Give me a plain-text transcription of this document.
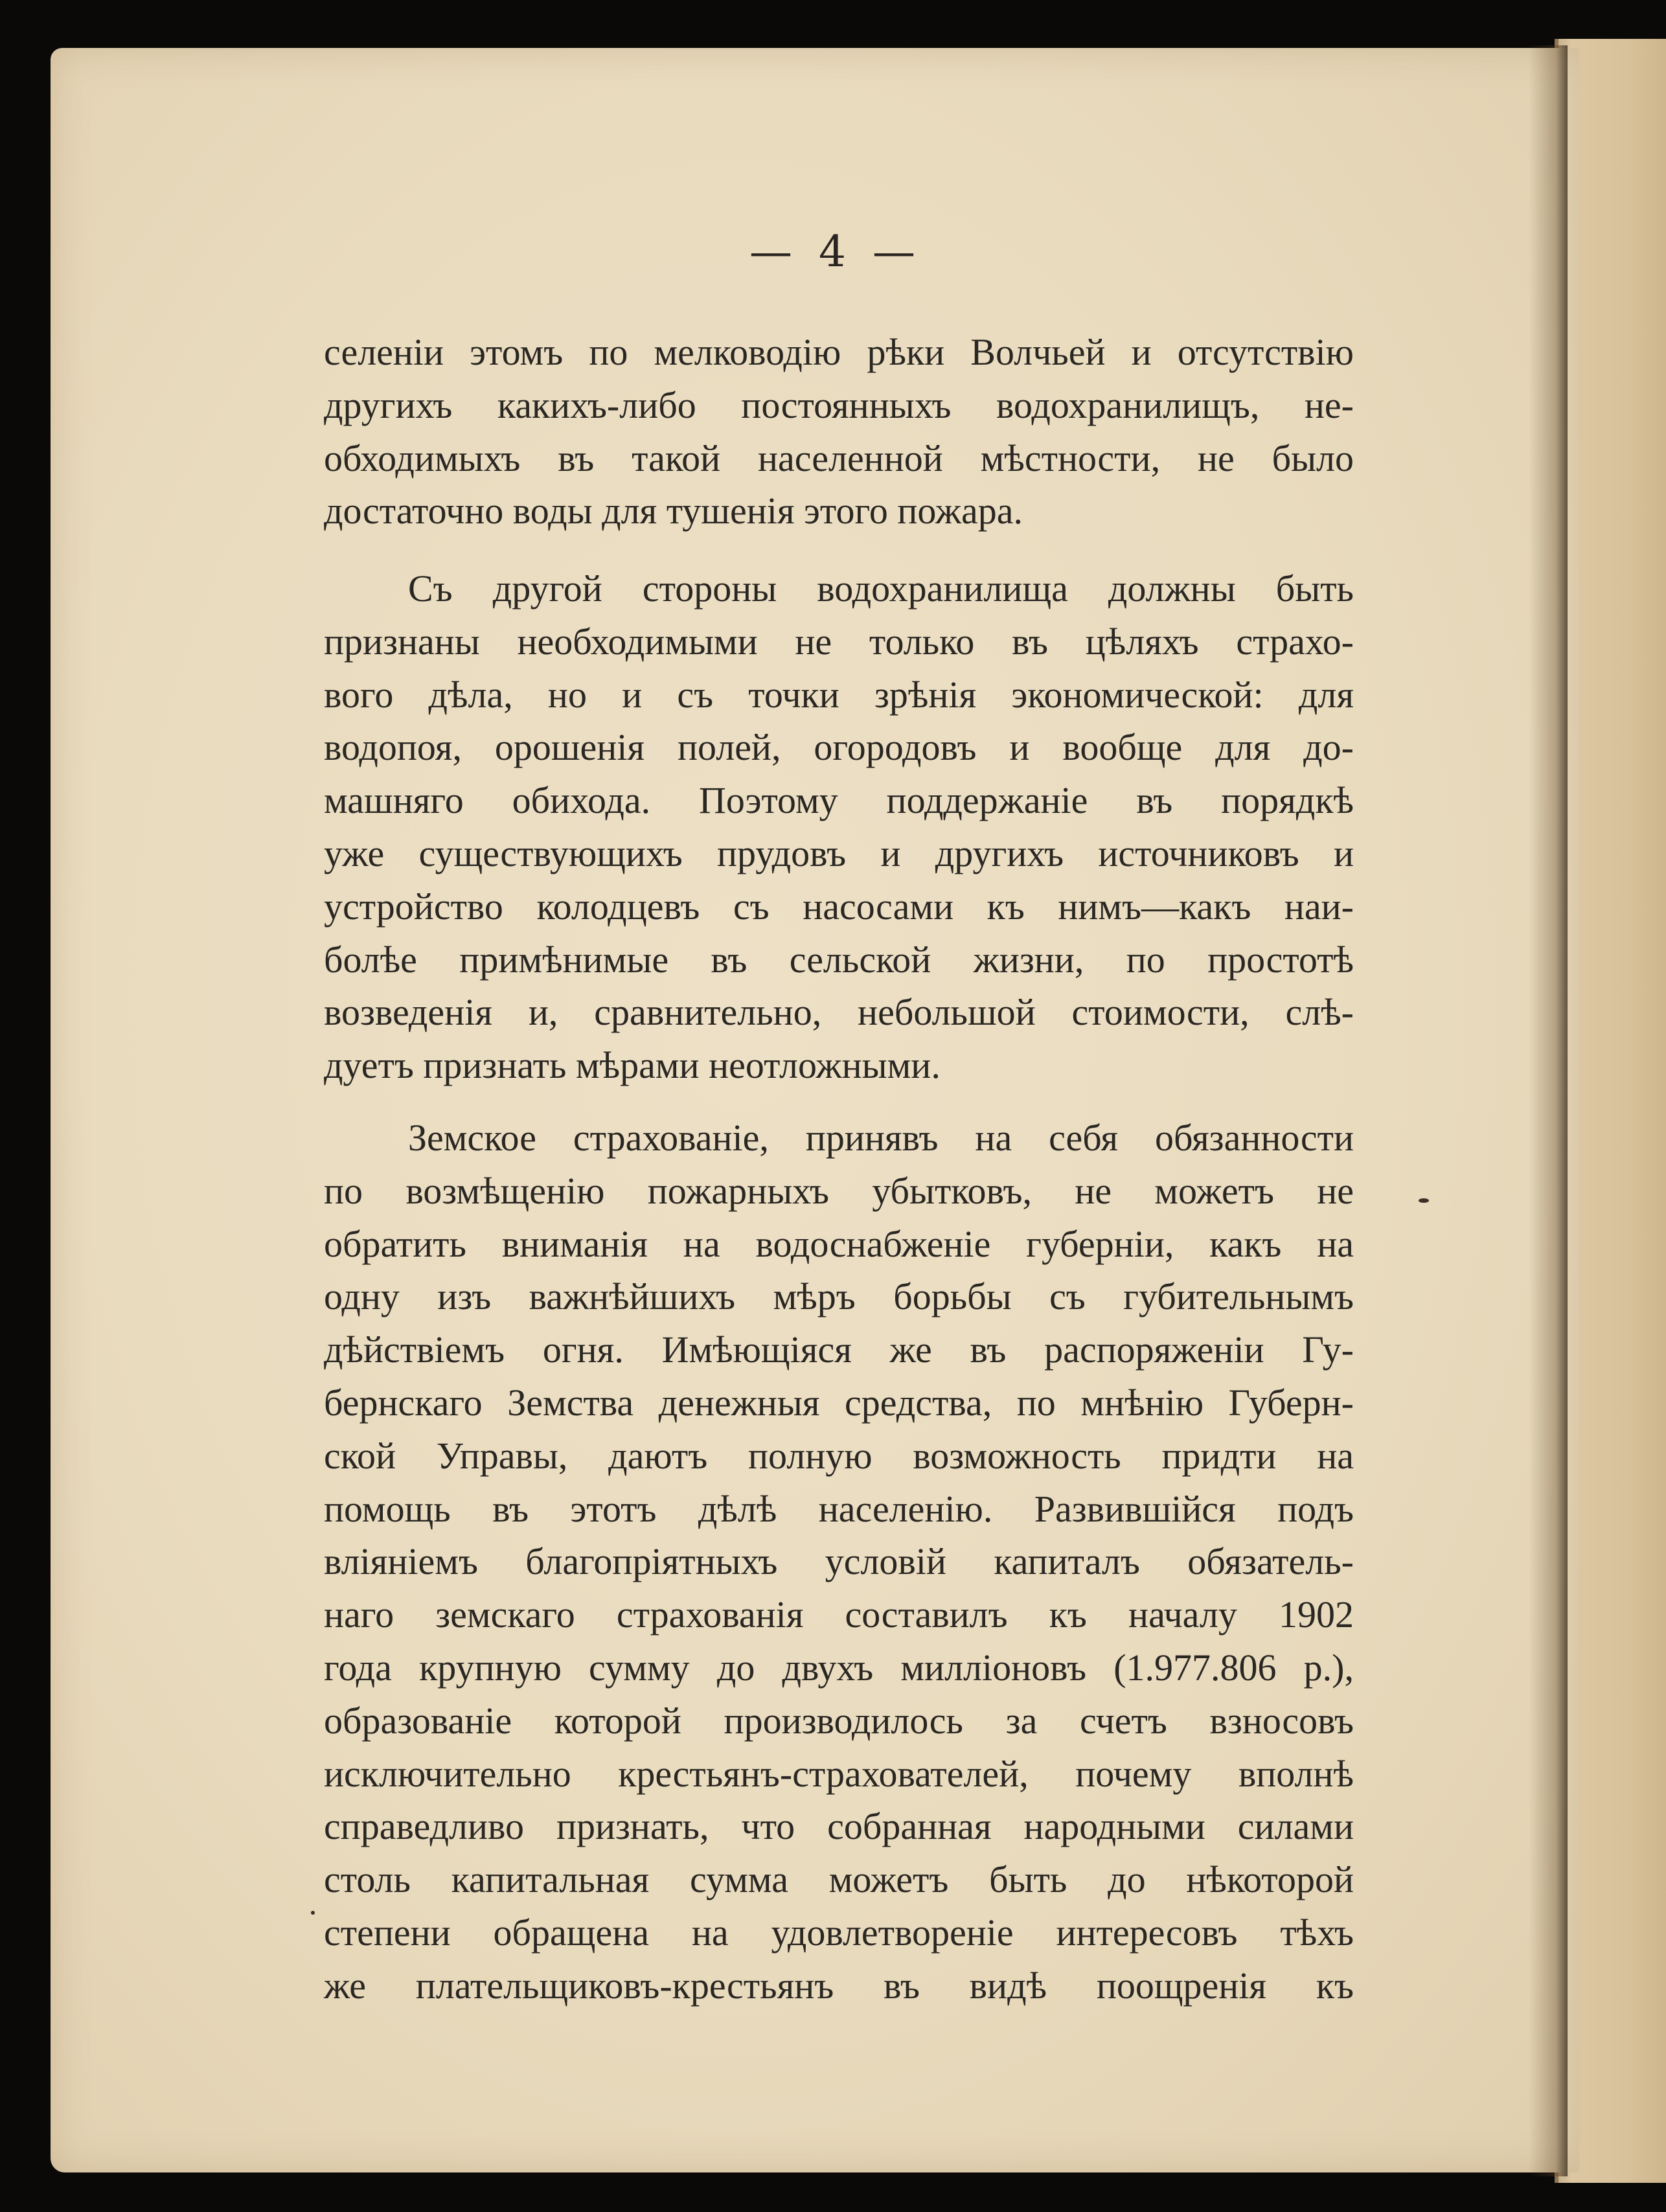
— 4 —
селенiи этомъ по мелководiю рѣки Волчьей и отсутствiю
другихъ какихъ-либо постоянныхъ водохранилищъ, не-
обходимыхъ въ такой населенной мѣстности, не было
достаточно воды для тушенiя этого пожара.
Съ другой стороны водохранилища должны быть
признаны необходимыми не только въ цѣляхъ страхо-
вого дѣла, но и съ точки зрѣнiя экономической: для
водопоя, орошенiя полей, огородовъ и вообще для до-
машняго обихода. Поэтому поддержанiе въ порядкѣ
уже существующихъ прудовъ и другихъ источниковъ и
устройство колодцевъ съ насосами къ нимъ—какъ наи-
болѣе примѣнимые въ сельской жизни, по простотѣ
возведенiя и, сравнительно, небольшой стоимости, слѣ-
дуетъ признать мѣрами неотложными.
Земское страхованiе, принявъ на себя обязанности
по возмѣщенiю пожарныхъ убытковъ, не можетъ не
обратить вниманiя на водоснабженiе губернiи, какъ на
одну изъ важнѣйшихъ мѣръ борьбы съ губительнымъ
дѣйствiемъ огня. Имѣющiяся же въ распоряженiи Гу-
бернскаго Земства денежныя средства, по мнѣнiю Губерн-
ской Управы, даютъ полную возможность придти на
помощь въ этотъ дѣлѣ населенiю. Развившiйся подъ
влiянiемъ благопрiятныхъ условiй капиталъ обязатель-
наго земскаго страхованiя составилъ къ началу 1902
года крупную сумму до двухъ миллiоновъ (1.977.806 р.),
образованiе которой производилось за счетъ взносовъ
исключительно крестьянъ-страхователей, почему вполнѣ
справедливо признать, что собранная народными силами
столь капитальная сумма можетъ быть до нѣкоторой
степени обращена на удовлетворенiе интересовъ тѣхъ
же плательщиковъ-крестьянъ въ видѣ поощренiя къ
